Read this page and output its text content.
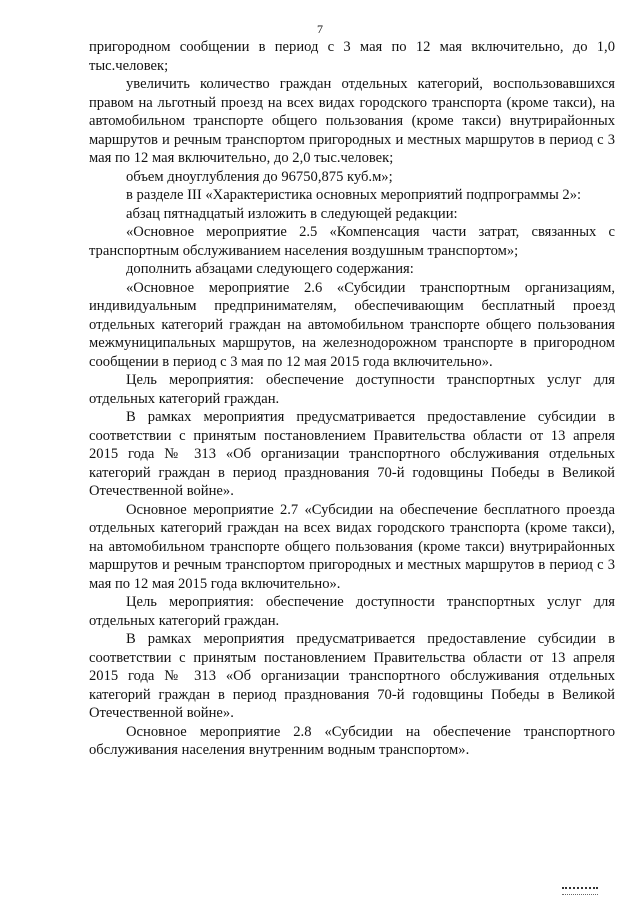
7

пригородном сообщении в период с 3 мая по 12 мая включительно, до 1,0 тыс.человек;

увеличить количество граждан отдельных категорий, воспользовавшихся правом на льготный проезд на всех видах городского транспорта (кроме такси), на автомобильном транспорте общего пользования (кроме такси) внутрирайонных маршрутов и речным транспортом пригородных и местных маршрутов в период с 3 мая по 12 мая включительно, до 2,0 тыс.человек;

объем дноуглубления до 96750,875 куб.м»;

в разделе III «Характеристика основных мероприятий подпрограммы 2»:

абзац пятнадцатый изложить в следующей редакции:

«Основное мероприятие 2.5 «Компенсация части затрат, связанных с транспортным обслуживанием населения воздушным транспортом»;

дополнить абзацами следующего содержания:

«Основное мероприятие 2.6 «Субсидии транспортным организациям, индивидуальным предпринимателям, обеспечивающим бесплатный проезд отдельных категорий граждан на автомобильном транспорте общего пользования межмуниципальных маршрутов, на железнодорожном транспорте в пригородном сообщении в период с 3 мая по 12 мая 2015 года включительно».

Цель мероприятия: обеспечение доступности транспортных услуг для отдельных категорий граждан.

В рамках мероприятия предусматривается предоставление субсидии в соответствии с принятым постановлением Правительства области от 13 апреля 2015 года № 313 «Об организации транспортного обслуживания отдельных категорий граждан в период празднования 70-й годовщины Победы в Великой Отечественной войне».

Основное мероприятие 2.7 «Субсидии на обеспечение бесплатного проезда отдельных категорий граждан на всех видах городского транспорта (кроме такси), на автомобильном транспорте общего пользования (кроме такси) внутрирайонных маршрутов и речным транспортом пригородных и местных маршрутов в период с 3 мая по 12 мая 2015 года включительно».

Цель мероприятия: обеспечение доступности транспортных услуг для отдельных категорий граждан.

В рамках мероприятия предусматривается предоставление субсидии в соответствии с принятым постановлением Правительства области от 13 апреля 2015 года № 313 «Об организации транспортного обслуживания отдельных категорий граждан в период празднования 70-й годовщины Победы в Великой Отечественной войне».

Основное мероприятие 2.8 «Субсидии на обеспечение транспортного обслуживания населения внутренним водным транспортом».
